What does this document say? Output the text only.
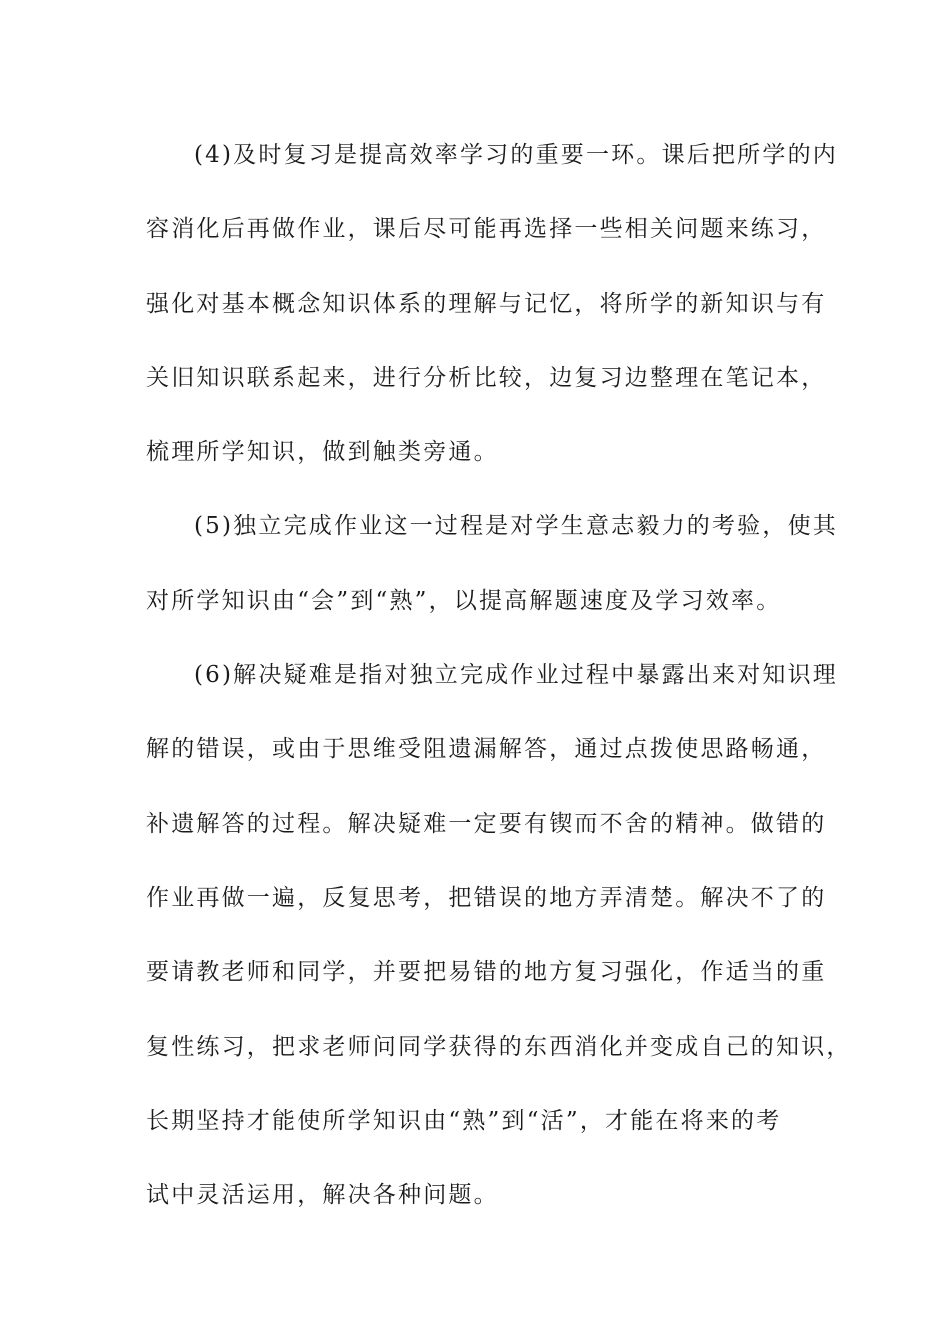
(4)及时复习是提高效率学习的重要一环。课后把所学的内
容消化后再做作业，课后尽可能再选择一些相关问题来练习，
强化对基本概念知识体系的理解与记忆，将所学的新知识与有
关旧知识联系起来，进行分析比较，边复习边整理在笔记本，
梳理所学知识，做到触类旁通。
(5)独立完成作业这一过程是对学生意志毅力的考验，使其
对所学知识由“会”到“熟”，以提高解题速度及学习效率。
(6)解决疑难是指对独立完成作业过程中暴露出来对知识理
解的错误，或由于思维受阻遗漏解答，通过点拨使思路畅通，
补遗解答的过程。解决疑难一定要有锲而不舍的精神。做错的
作业再做一遍，反复思考，把错误的地方弄清楚。解决不了的
要请教老师和同学，并要把易错的地方复习强化，作适当的重
复性练习，把求老师问同学获得的东西消化并变成自己的知识，
长期坚持才能使所学知识由“熟”到“活”，才能在将来的考
试中灵活运用，解决各种问题。
